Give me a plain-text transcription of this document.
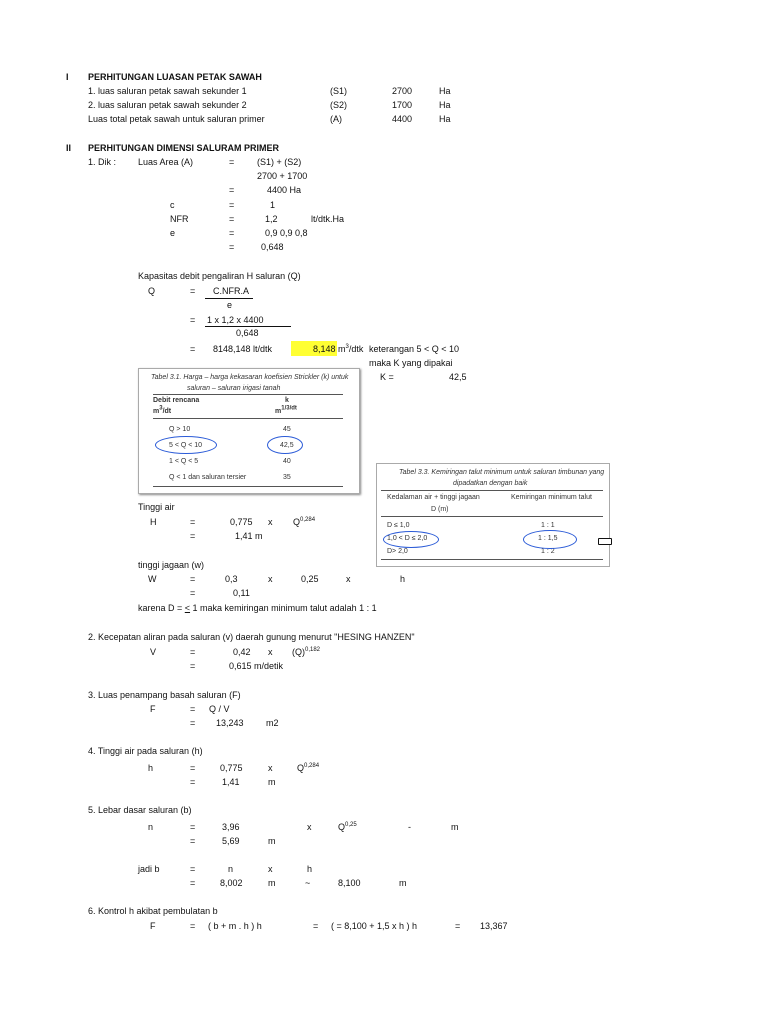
I PERHITUNGAN LUASAN PETAK SAWAH
1. luas saluran petak sawah sekunder 1	(S1)	2700	Ha
2. luas saluran petak sawah sekunder 2	(S2)	1700	Ha
Luas total petak sawah untuk saluran primer	(A)	4400	Ha
II PERHITUNGAN DIMENSI SALURAM PRIMER
1. Dik : Luas Area (A)	=	(S1) + (S2)
2700 + 1700
=	4400 Ha
c	=	1
NFR	=	1,2	lt/dtk.Ha
e	=	0,9 0,9 0,8
=	0,648
Kapasitas debit pengaliran H saluran (Q)
Q	= C.NFR.A
e
= 1 x 1,2 x 4400
0,648
= 8148,148 lt/dtk	8,148 $m^3$/dtk keterangan 5 < Q < 10
maka K yang dipakai
K =	42,5
Tabel 3.1. Harga – harga kekasaran koefisien Strickler (k) untuk
saluran – saluran irigasi tanah
Debit rencana	k
$m^3/dt$	$m^{1/3/dt}$
Q > 10	45
5 < Q < 10	42,5
1 < Q < 5	40
Q < 1 dan saluran tersier	35
Tabel 3.3. Kemiringan talut minimum untuk saluran timbunan yang
dipadatkan dengan baik
Kedalaman air + tinggi jagaan
D (m)
Kemiringan minimum talut
D ≤ 1,0	1 : 1
1,0 < D ≤ 2,0	1 : 1,5
D> 2,0	1 : 2
Tinggi air
H	=	0,775 x Q$^{0,284}$
=	1,41 m
tinggi jagaan (w)
W	=	0,3	x	0,25	x	h
=	0,11
karena D = < 1 maka kemiringan minimum talut adalah 1 : 1
2. Kecepatan aliran pada saluran (v) daerah gunung menurut "HESING HANZEN"
V	=	0,42 x $(Q)^{0,182}$
=	0,615 m/detik
3. Luas penampang basah saluran (F)
F	= Q / V
= 13,243 m2
4. Tinggi air pada saluran (h)
h	=	0,775	x	Q$^{0,284}$
=	1,41	m
5. Lebar dasar saluran (b)
n	=	3,96	x	Q$^{0,25}$	-	m
=	5,69	m
jadi b	=	n	x	h
=	8,002	m	~	8,100	m
6. Kontrol h akibat pembulatan b
F	= ( b + m . h ) h	= ( = 8,100 + 1,5 x h ) h	= 13,367
